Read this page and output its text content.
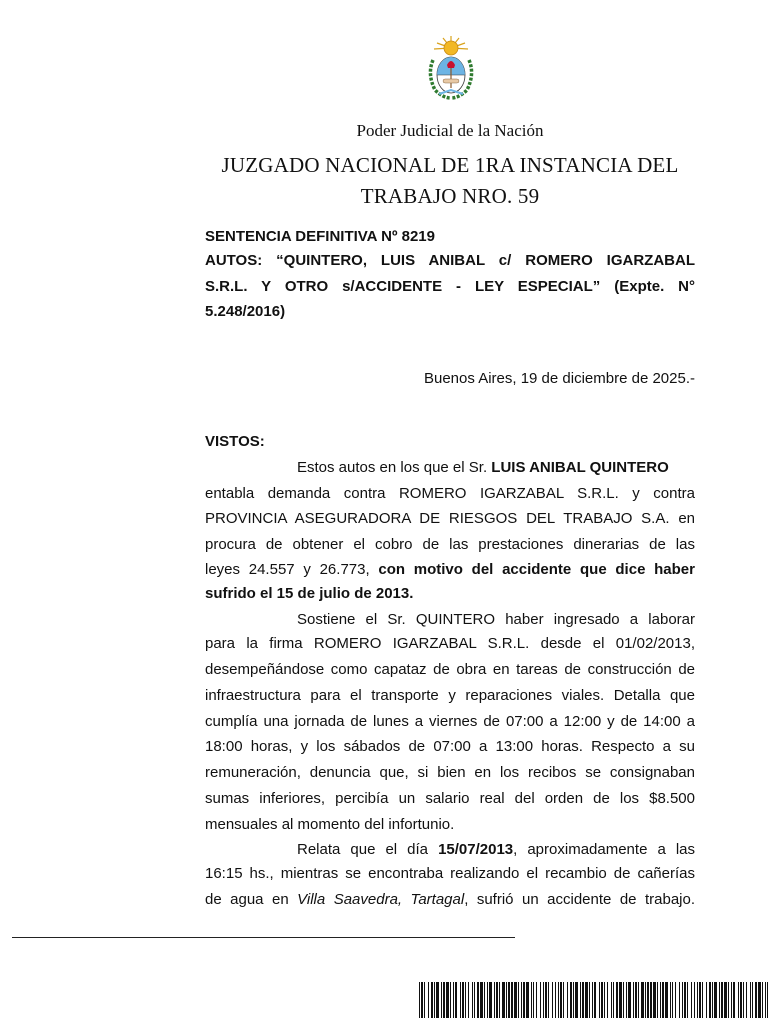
Poder Judicial de la Nación
JUZGADO NACIONAL DE 1RA INSTANCIA DEL
TRABAJO NRO. 59
SENTENCIA DEFINITIVA Nº 8219
AUTOS: “QUINTERO, LUIS ANIBAL c/ ROMERO IGARZABAL
S.R.L. Y OTRO s/ACCIDENTE - LEY ESPECIAL” (Expte. N°
5.248/2016)
Buenos Aires, 19 de diciembre de 2025.-
VISTOS:
Estos autos en los que el Sr. LUIS ANIBAL QUINTERO
entabla demanda contra ROMERO IGARZABAL S.R.L. y contra
PROVINCIA ASEGURADORA DE RIESGOS DEL TRABAJO S.A. en
procura de obtener el cobro de las prestaciones dinerarias de las
leyes 24.557 y 26.773, con motivo del accidente que dice haber
sufrido el 15 de julio de 2013.
Sostiene el Sr. QUINTERO haber ingresado a laborar
para la firma ROMERO IGARZABAL S.R.L. desde el 01/02/2013,
desempeñándose como capataz de obra en tareas de construcción de
infraestructura para el transporte y reparaciones viales. Detalla que
cumplía una jornada de lunes a viernes de 07:00 a 12:00 y de 14:00 a
18:00 horas, y los sábados de 07:00 a 13:00 horas. Respecto a su
remuneración, denuncia que, si bien en los recibos se consignaban
sumas inferiores, percibía un salario real del orden de los $8.500
mensuales al momento del infortunio.
Relata que el día 15/07/2013, aproximadamente a las
16:15 hs., mientras se encontraba realizando el recambio de cañerías
de agua en Villa Saavedra, Tartagal, sufrió un accidente de trabajo.
